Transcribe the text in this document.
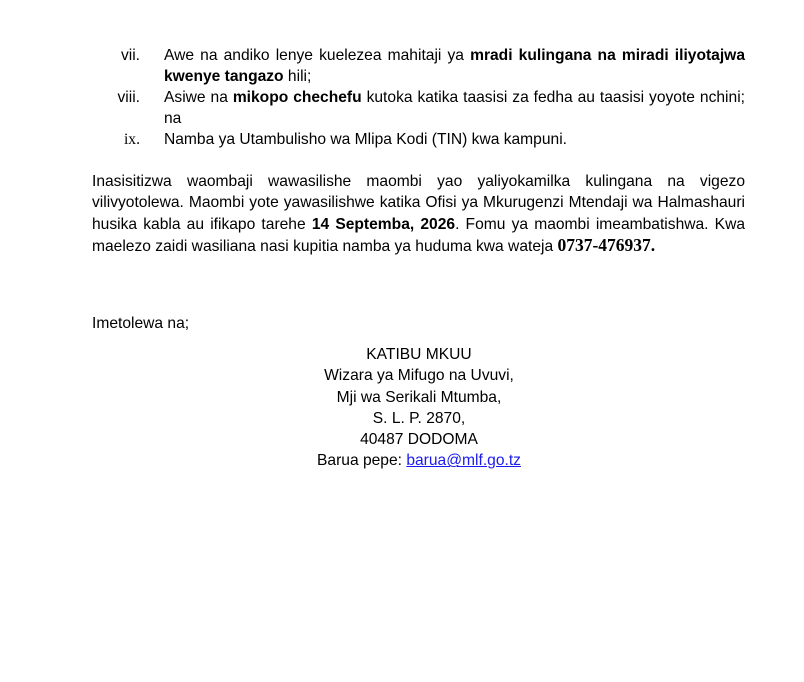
vii. Awe na andiko lenye kuelezea mahitaji ya mradi kulingana na miradi iliyotajwa kwenye tangazo hili;
viii. Asiwe na mikopo chechefu kutoka katika taasisi za fedha au taasisi yoyote nchini; na
ix. Namba ya Utambulisho wa Mlipa Kodi (TIN) kwa kampuni.
Inasisitizwa waombaji wawasilishe maombi yao yaliyokamilka kulingana na vigezo vilivyotolewa. Maombi yote yawasilishwe katika Ofisi ya Mkurugenzi Mtendaji wa Halmashauri husika kabla au ifikapo tarehe 14 Septemba, 2026. Fomu ya maombi imeambatishwa. Kwa maelezo zaidi wasiliana nasi kupitia namba ya huduma kwa wateja 0737-476937.
Imetolewa na;
KATIBU MKUU
Wizara ya Mifugo na Uvuvi,
Mji wa Serikali Mtumba,
S. L. P. 2870,
40487 DODOMA
Barua pepe: barua@mlf.go.tz
